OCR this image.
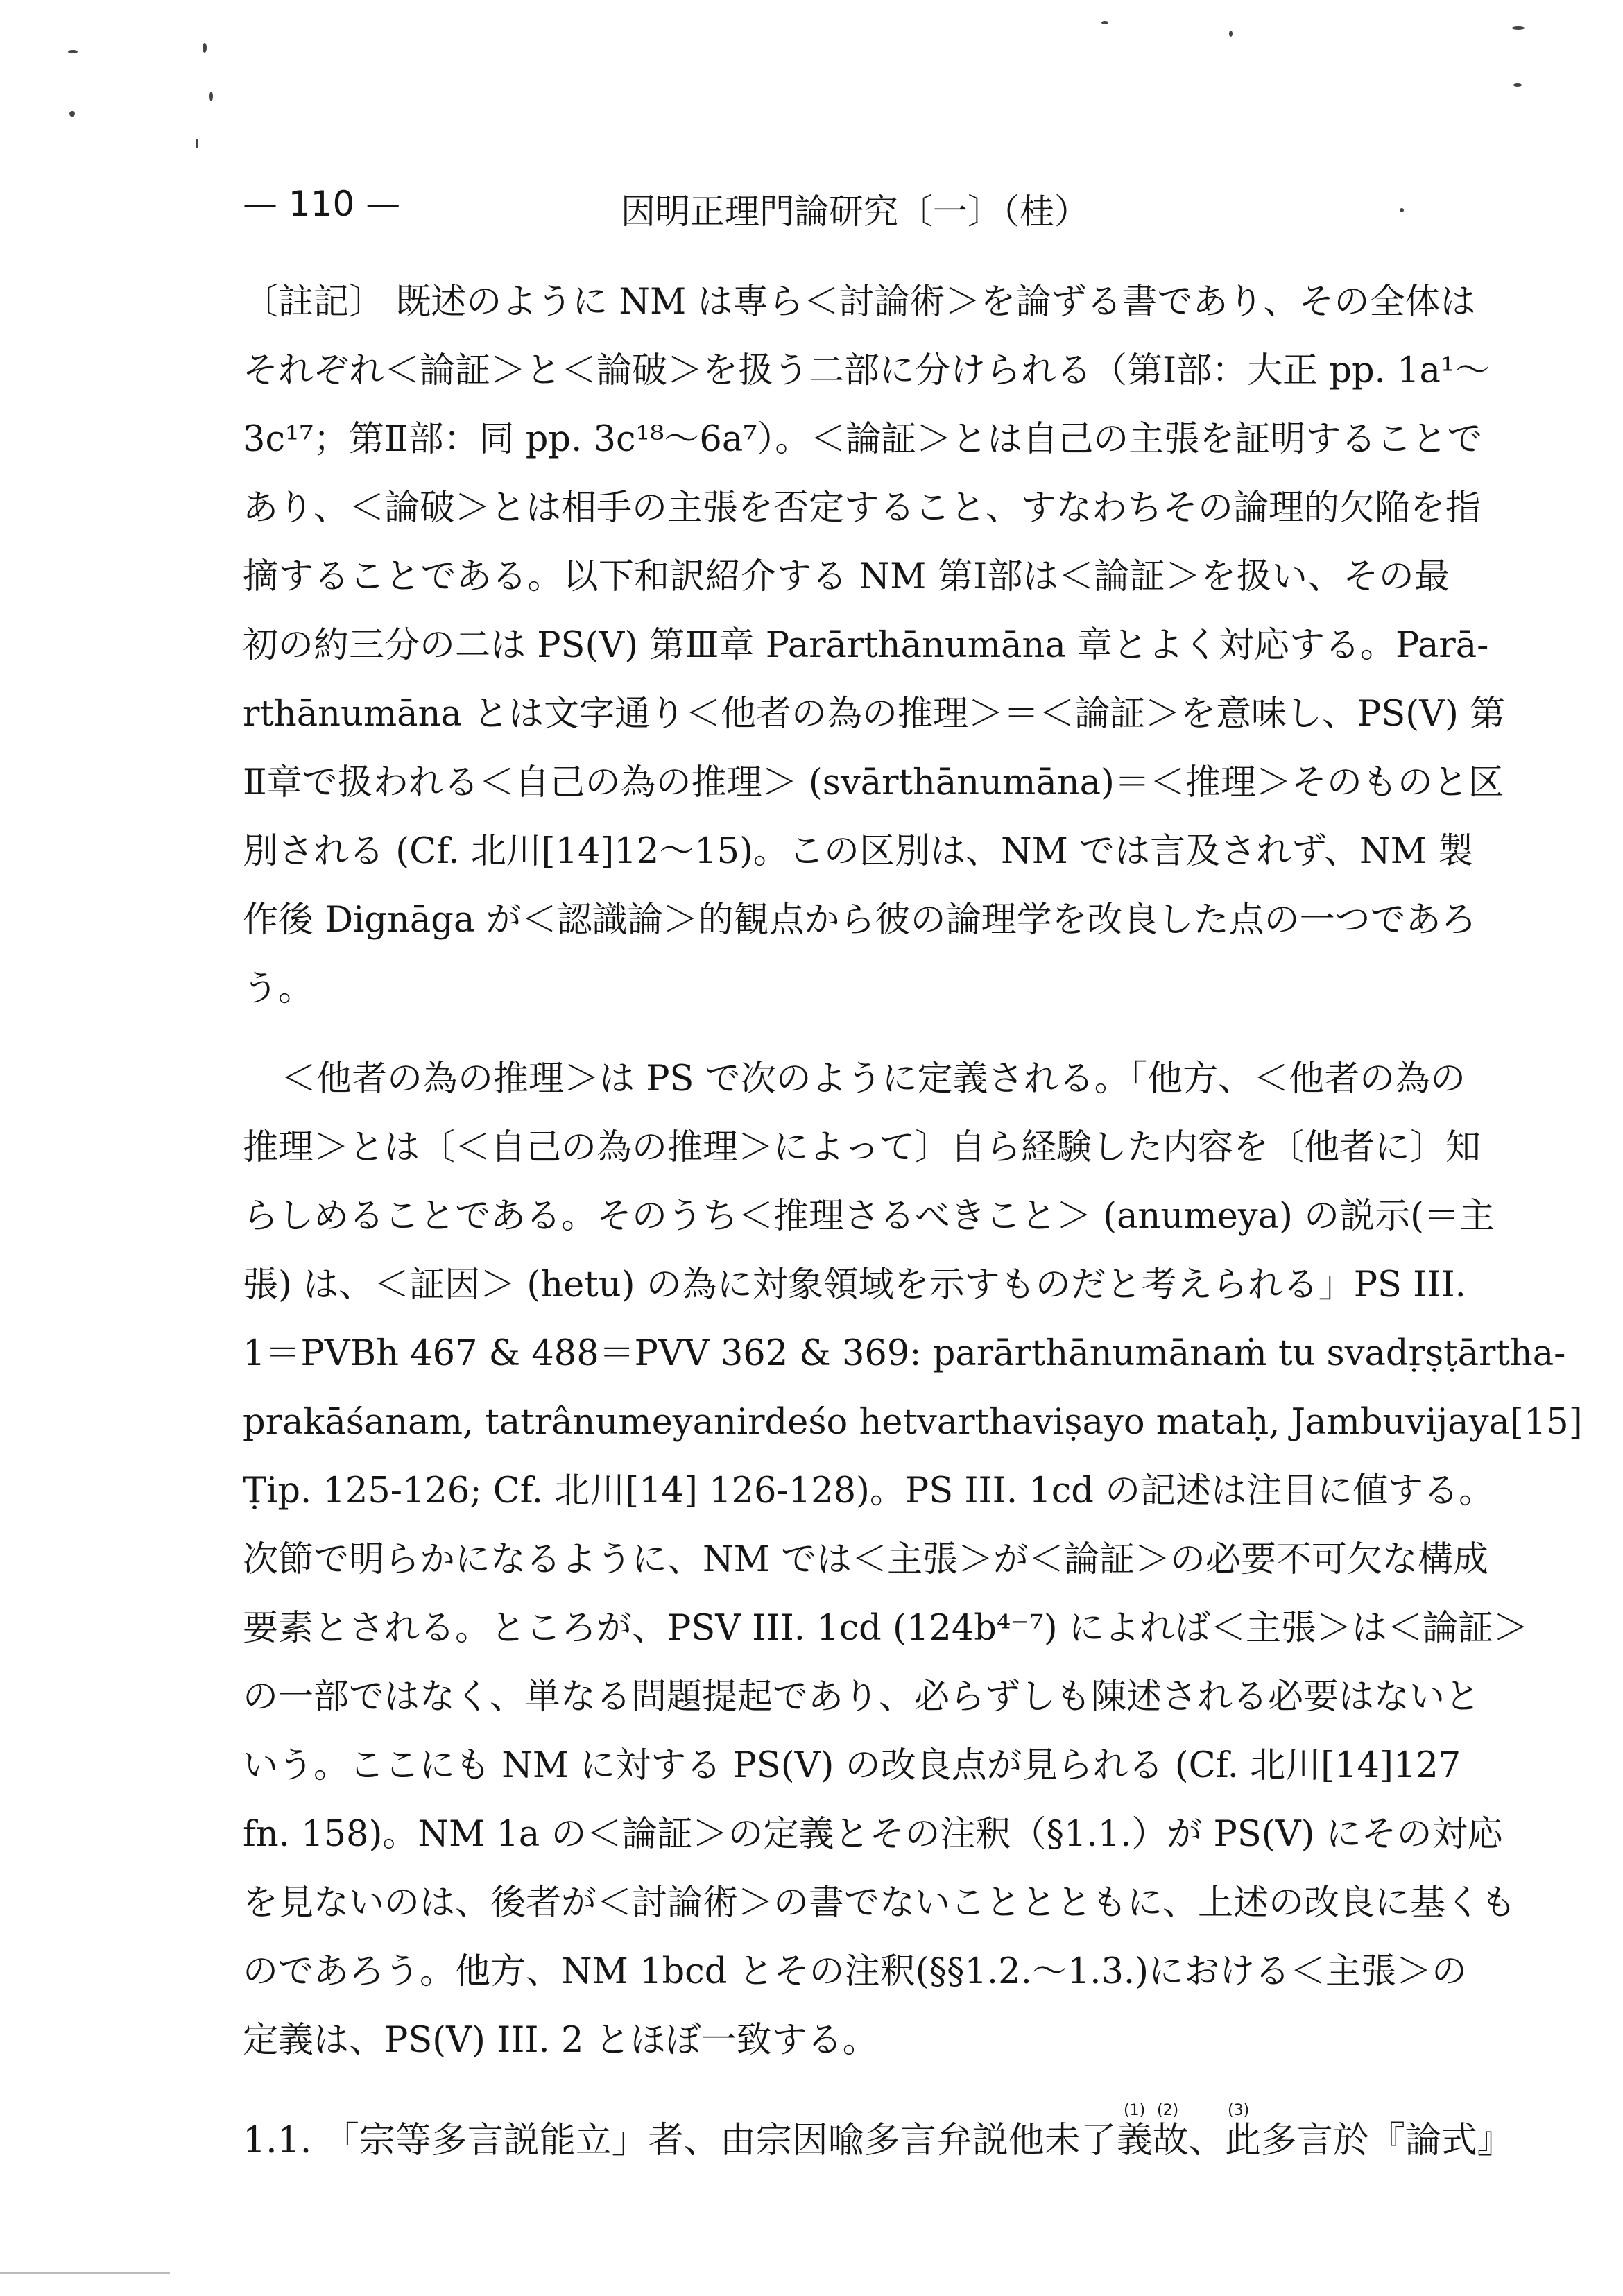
— 110 —	因明正理門論研究〔一〕（桂）
〔註記〕 既述のように NM は専ら＜討論術＞を論ずる書であり、その全体は
それぞれ＜論証＞と＜論破＞を扱う二部に分けられる（第Ⅰ部：大正 pp. 1a¹～
3c¹⁷；第Ⅱ部：同 pp. 3c¹⁸～6a⁷）。＜論証＞とは自己の主張を証明することで
あり、＜論破＞とは相手の主張を否定すること、すなわちその論理的欠陥を指
摘することである。以下和訳紹介する NM 第Ⅰ部は＜論証＞を扱い、その最
初の約三分の二は PS(V) 第Ⅲ章 Parārthānumāna 章とよく対応する。Parā-
rthānumāna とは文字通り＜他者の為の推理＞＝＜論証＞を意味し、PS(V) 第
Ⅱ章で扱われる＜自己の為の推理＞ (svārthānumāna)＝＜推理＞そのものと区
別される (Cf. 北川[14]12～15)。この区別は、NM では言及されず、NM 製
作後 Dignāga が＜認識論＞的観点から彼の論理学を改良した点の一つであろ
う。
＜他者の為の推理＞は PS で次のように定義される。「他方、＜他者の為の
推理＞とは〔＜自己の為の推理＞によって〕自ら経験した内容を〔他者に〕知
らしめることである。そのうち＜推理さるべきこと＞ (anumeya) の説示(＝主
張) は、＜証因＞ (hetu) の為に対象領域を示すものだと考えられる」PS III.
1＝PVBh 467 & 488＝PVV 362 & 369: parārthānumānaṁ tu svadṛṣṭārtha-
prakāśanam, tatrânumeyanirdeśo hetvarthaviṣayo mataḥ, Jambuvijaya[15]
Ṭip. 125-126; Cf. 北川[14] 126-128)。PS III. 1cd の記述は注目に値する。
次節で明らかになるように、NM では＜主張＞が＜論証＞の必要不可欠な構成
要素とされる。ところが、PSV III. 1cd (124b⁴⁻⁷) によれば＜主張＞は＜論証＞
の一部ではなく、単なる問題提起であり、必らずしも陳述される必要はないと
いう。ここにも NM に対する PS(V) の改良点が見られる (Cf. 北川[14]127
fn. 158)。NM 1a の＜論証＞の定義とその注釈（§1.1.）が PS(V) にその対応
を見ないのは、後者が＜討論術＞の書でないこととともに、上述の改良に基くも
のであろう。他方、NM 1bcd とその注釈(§§1.2.～1.3.)における＜主張＞の
定義は、PS(V) III. 2 とほぼ一致する。
1.1. 「宗等多言説能立」者、由宗因喩多言弁説他未了義故、此多言於『論式』
(1) (2)	(3)
